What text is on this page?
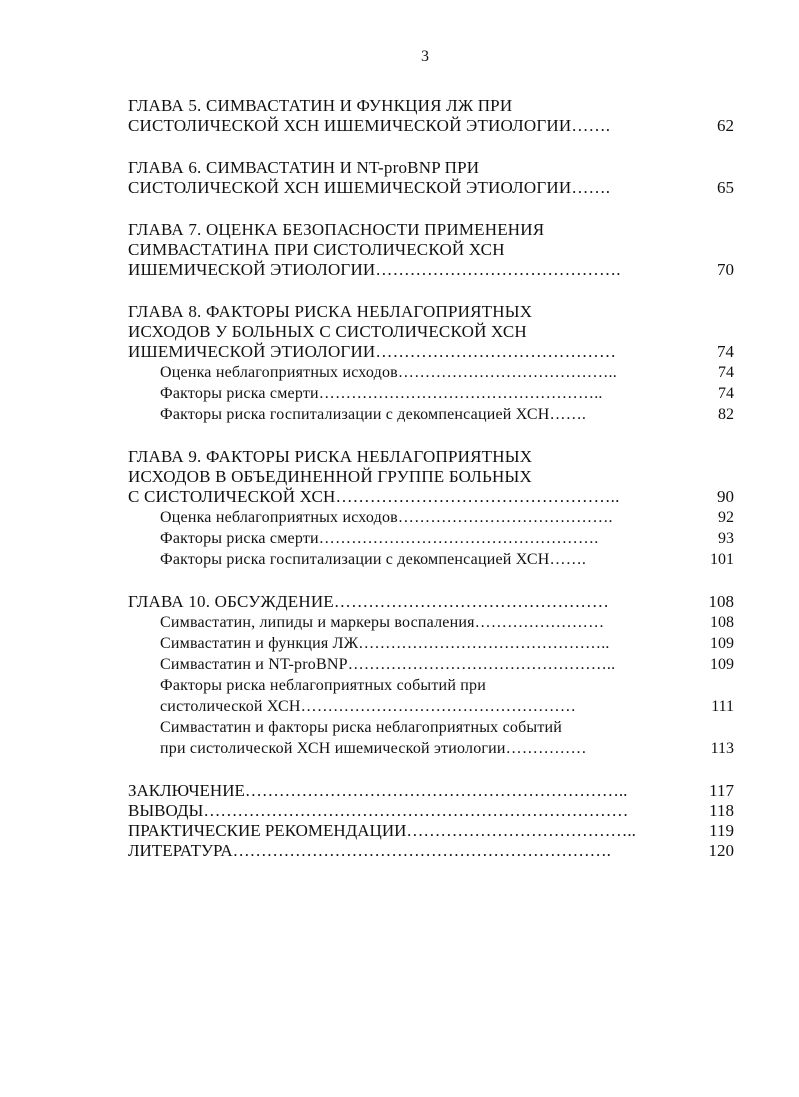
3
ГЛАВА 5. СИМВАСТАТИН И ФУНКЦИЯ ЛЖ ПРИ
СИСТОЛИЧЕСКОЙ ХСН ИШЕМИЧЕСКОЙ ЭТИОЛОГИИ…….	62
ГЛАВА 6. СИМВАСТАТИН И NT-proBNP ПРИ
СИСТОЛИЧЕСКОЙ ХСН ИШЕМИЧЕСКОЙ ЭТИОЛОГИИ…….	65
ГЛАВА 7. ОЦЕНКА БЕЗОПАСНОСТИ ПРИМЕНЕНИЯ
СИМВАСТАТИНА ПРИ СИСТОЛИЧЕСКОЙ ХСН
ИШЕМИЧЕСКОЙ ЭТИОЛОГИИ…………………………………….	70
ГЛАВА 8. ФАКТОРЫ РИСКА НЕБЛАГОПРИЯТНЫХ
ИСХОДОВ У БОЛЬНЫХ С СИСТОЛИЧЕСКОЙ ХСН
ИШЕМИЧЕСКОЙ ЭТИОЛОГИИ……………………………………	74
Оценка неблагоприятных исходов…………………………………..	74
Факторы риска смерти……………………………………………..	74
Факторы риска госпитализации с декомпенсацией ХСН…….	82
ГЛАВА 9. ФАКТОРЫ РИСКА НЕБЛАГОПРИЯТНЫХ
ИСХОДОВ В ОБЪЕДИНЕННОЙ ГРУППЕ БОЛЬНЫХ
С СИСТОЛИЧЕСКОЙ ХСН…………………………………………..	90
Оценка неблагоприятных исходов………………………………….	92
Факторы риска смерти…………………………………………….	93
Факторы риска госпитализации с декомпенсацией ХСН…….	101
ГЛАВА 10. ОБСУЖДЕНИЕ…………………………………………	108
Симвастатин, липиды и маркеры воспаления……………………	108
Симвастатин и функция ЛЖ………………………………………..	109
Симвастатин и NT-proBNP…………………………………………..	109
Факторы риска неблагоприятных событий при
систолической ХСН……………………………………………	111
Симвастатин и факторы риска неблагоприятных событий
при систолической ХСН ишемической этиологии……………	113
ЗАКЛЮЧЕНИЕ…………………………………………………………..	117
ВЫВОДЫ…………………………………………………………………	118
ПРАКТИЧЕСКИЕ РЕКОМЕНДАЦИИ…………………………………..	119
ЛИТЕРАТУРА………………………………………………………….	120
